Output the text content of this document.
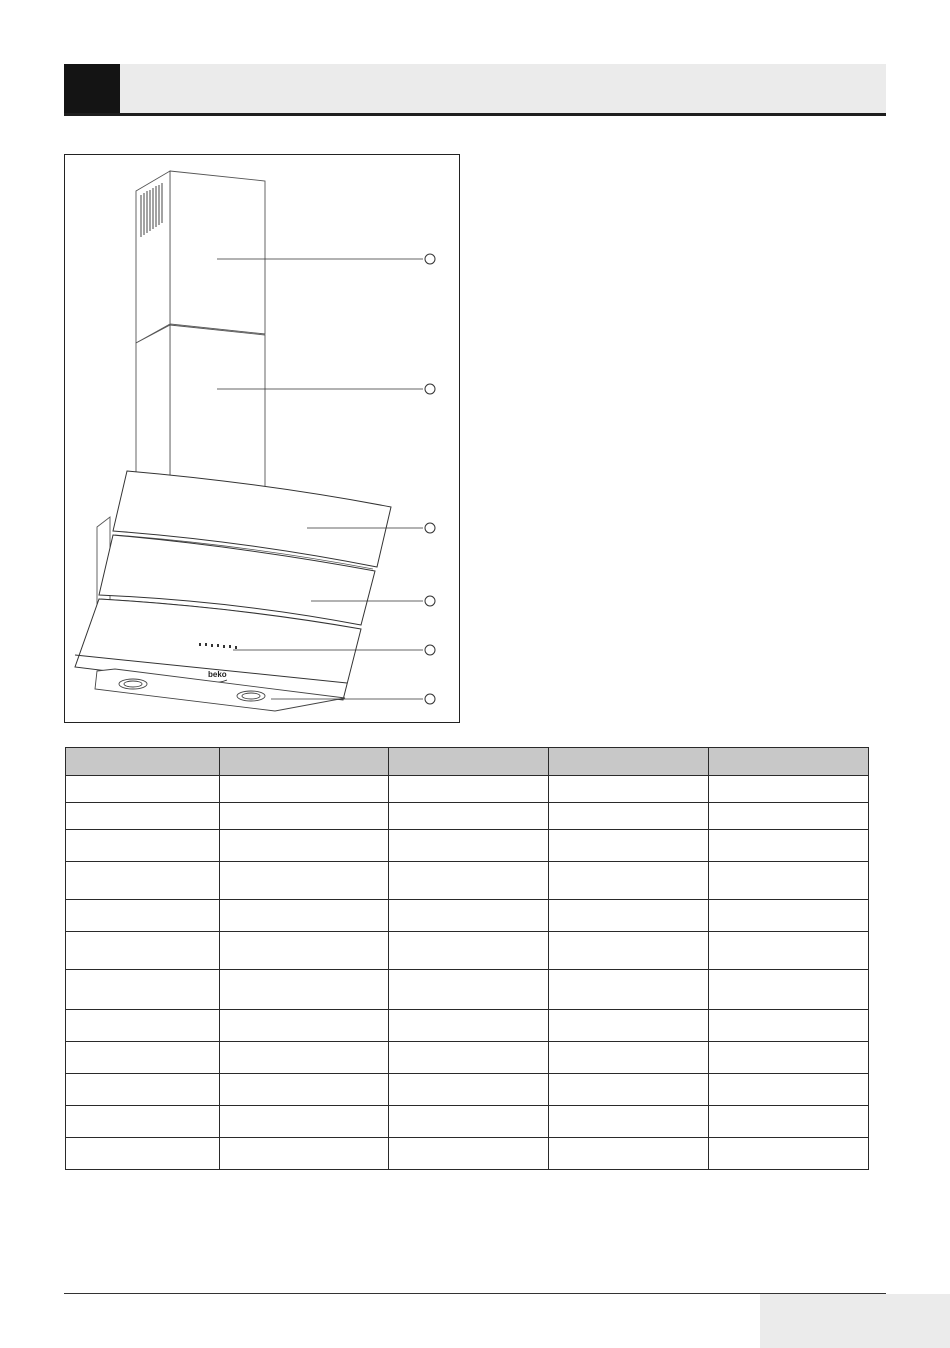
beko
